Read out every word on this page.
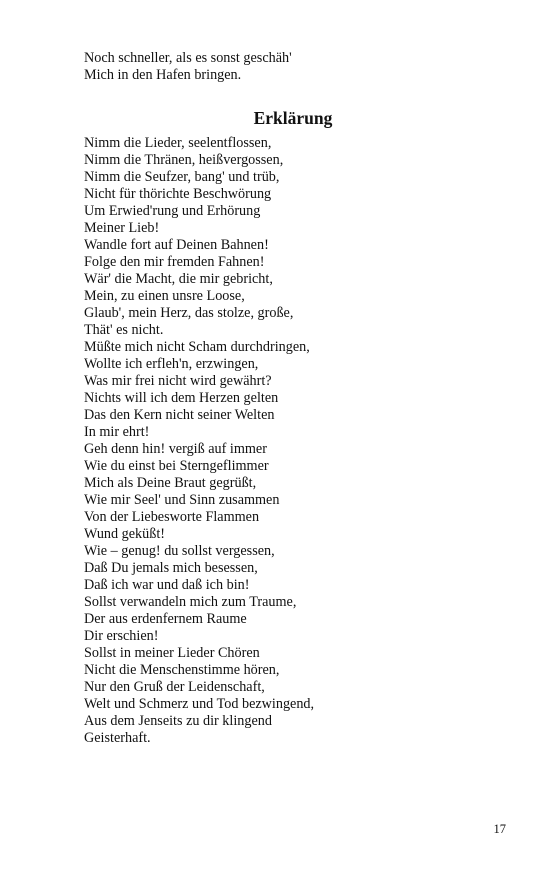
Noch schneller, als es sonst geschäh'
Mich in den Hafen bringen.
Erklärung
Nimm die Lieder, seelentflossen,
Nimm die Thränen, heißvergossen,
Nimm die Seufzer, bang' und trüb,
Nicht für thörichte Beschwörung
Um Erwied'rung und Erhörung
Meiner Lieb!
Wandle fort auf Deinen Bahnen!
Folge den mir fremden Fahnen!
Wär' die Macht, die mir gebricht,
Mein, zu einen unsre Loose,
Glaub', mein Herz, das stolze, große,
Thät' es nicht.
Müßte mich nicht Scham durchdringen,
Wollte ich erfleh'n, erzwingen,
Was mir frei nicht wird gewährt?
Nichts will ich dem Herzen gelten
Das den Kern nicht seiner Welten
In mir ehrt!
Geh denn hin! vergiß auf immer
Wie du einst bei Sterngeflimmer
Mich als Deine Braut gegrüßt,
Wie mir Seel' und Sinn zusammen
Von der Liebesworte Flammen
Wund geküßt!
Wie – genug! du sollst vergessen,
Daß Du jemals mich besessen,
Daß ich war und daß ich bin!
Sollst verwandeln mich zum Traume,
Der aus erdenfernem Raume
Dir erschien!
Sollst in meiner Lieder Chören
Nicht die Menschenstimme hören,
Nur den Gruß der Leidenschaft,
Welt und Schmerz und Tod bezwingend,
Aus dem Jenseits zu dir klingend
Geisterhaft.
17
